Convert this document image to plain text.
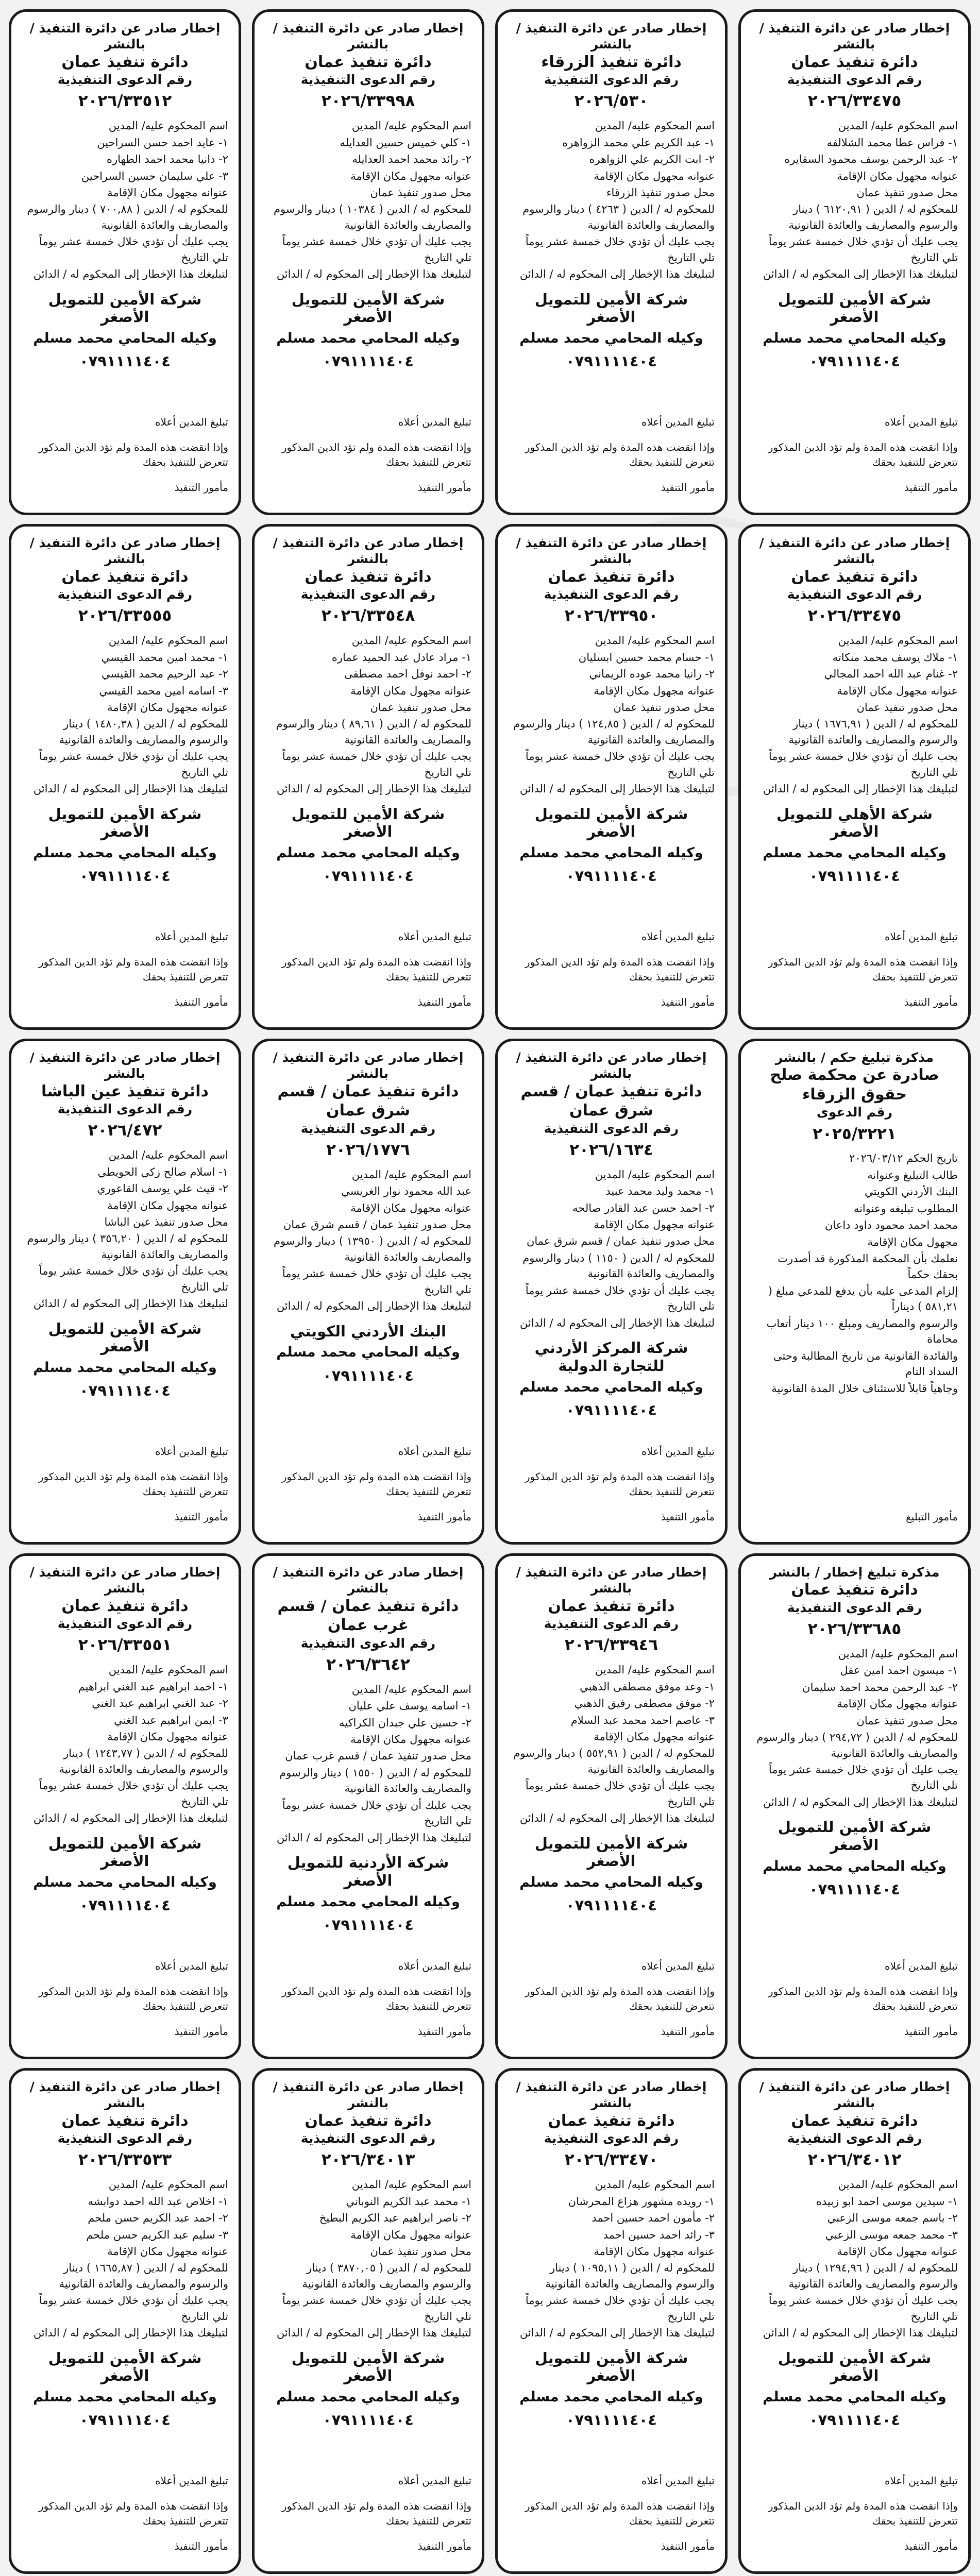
إخطار صادر عن دائرة التنفيذ / بالنشر
دائرة تنفيذ عمان
رقم الدعوى التنفيذية
٢٠٢٦/٣٣٤٧٥

اسم المحكوم عليه/ المدين

١- فراس عطا محمد الشلالفه

٢- عبد الرحمن يوسف محمود السقايره

عنوانه مجهول مكان الإقامة

محل صدور تنفيذ عمان

للمحكوم له / الدين ( ٦١٢٠,٩١ ) دينار والرسوم والمصاريف والعائدة القانونية

يجب عليك أن تؤدي خلال خمسة عشر يوماً تلي التاريخ

لتبليغك هذا الإخطار إلى المحكوم له / الدائن

شركة الأمين للتمويل الأصغر
وكيله المحامي محمد مسلم
٠٧٩١١١١٤٠٤

تبليغ المدين أعلاه

وإذا انقضت هذه المدة ولم تؤد الدين المذكور تتعرض للتنفيذ بحقك

مأمور التنفيذ

إخطار صادر عن دائرة التنفيذ / بالنشر
دائرة تنفيذ الزرقاء
رقم الدعوى التنفيذية
٢٠٢٦/٥٣٠

اسم المحكوم عليه/ المدين

١- عبد الكريم علي محمد الزواهره

٢- ابت الكريم علي الزواهره

عنوانه مجهول مكان الإقامة

محل صدور تنفيذ الزرقاء

للمحكوم له / الدين ( ٤٢٦٣ ) دينار والرسوم والمصاريف والعائدة القانونية

يجب عليك أن تؤدي خلال خمسة عشر يوماً تلي التاريخ

لتبليغك هذا الإخطار إلى المحكوم له / الدائن

شركة الأمين للتمويل الأصغر
وكيله المحامي محمد مسلم
٠٧٩١١١١٤٠٤

تبليغ المدين أعلاه

وإذا انقضت هذه المدة ولم تؤد الدين المذكور تتعرض للتنفيذ بحقك

مأمور التنفيذ

إخطار صادر عن دائرة التنفيذ / بالنشر
دائرة تنفيذ عمان
رقم الدعوى التنفيذية
٢٠٢٦/٣٣٩٩٨

اسم المحكوم عليه/ المدين

١- كلي خميس حسين العدايله

٢- رائد محمد احمد العدايله

عنوانه مجهول مكان الإقامة

محل صدور تنفيذ عمان

للمحكوم له / الدين ( ١٠٣٨٤ ) دينار والرسوم والمصاريف والعائدة القانونية

يجب عليك أن تؤدي خلال خمسة عشر يوماً تلي التاريخ

لتبليغك هذا الإخطار إلى المحكوم له / الدائن

شركة الأمين للتمويل الأصغر
وكيله المحامي محمد مسلم
٠٧٩١١١١٤٠٤

تبليغ المدين أعلاه

وإذا انقضت هذه المدة ولم تؤد الدين المذكور تتعرض للتنفيذ بحقك

مأمور التنفيذ

إخطار صادر عن دائرة التنفيذ / بالنشر
دائرة تنفيذ عمان
رقم الدعوى التنفيذية
٢٠٢٦/٣٣٥١٢

اسم المحكوم عليه/ المدين

١- عايد احمد حسن السراحين

٢- دانيا محمد احمد الطهاره

٣- علي سليمان حسين السراحين

عنوانه مجهول مكان الإقامة

للمحكوم له / الدين ( ٧٠٠,٨٨ ) دينار والرسوم والمصاريف والعائدة القانونية

يجب عليك أن تؤدي خلال خمسة عشر يوماً تلي التاريخ

لتبليغك هذا الإخطار إلى المحكوم له / الدائن

شركة الأمين للتمويل الأصغر
وكيله المحامي محمد مسلم
٠٧٩١١١١٤٠٤

تبليغ المدين أعلاه

وإذا انقضت هذه المدة ولم تؤد الدين المذكور تتعرض للتنفيذ بحقك

مأمور التنفيذ

إخطار صادر عن دائرة التنفيذ / بالنشر
دائرة تنفيذ عمان
رقم الدعوى التنفيذية
٢٠٢٦/٣٣٤٧٥

اسم المحكوم عليه/ المدين

١- ملاك يوسف محمد منكاته

٢- غنام عبد الله احمد المجالي

عنوانه مجهول مكان الإقامة

محل صدور تنفيذ عمان

للمحكوم له / الدين ( ١٦٧٦,٩١ ) دينار والرسوم والمصاريف والعائدة القانونية

يجب عليك أن تؤدي خلال خمسة عشر يوماً تلي التاريخ

لتبليغك هذا الإخطار إلى المحكوم له / الدائن

شركة الأهلي للتمويل الأصغر
وكيله المحامي محمد مسلم
٠٧٩١١١١٤٠٤

تبليغ المدين أعلاه

وإذا انقضت هذه المدة ولم تؤد الدين المذكور تتعرض للتنفيذ بحقك

مأمور التنفيذ

إخطار صادر عن دائرة التنفيذ / بالنشر
دائرة تنفيذ عمان
رقم الدعوى التنفيذية
٢٠٢٦/٣٣٩٥٠

اسم المحكوم عليه/ المدين

١- حسام محمد حسين ابسليان

٢- رانيا محمد عوده الريماني

عنوانه مجهول مكان الإقامة

محل صدور تنفيذ عمان

للمحكوم له / الدين ( ١٢٤,٨٥ ) دينار والرسوم والمصاريف والعائدة القانونية

يجب عليك أن تؤدي خلال خمسة عشر يوماً تلي التاريخ

لتبليغك هذا الإخطار إلى المحكوم له / الدائن

شركة الأمين للتمويل الأصغر
وكيله المحامي محمد مسلم
٠٧٩١١١١٤٠٤

تبليغ المدين أعلاه

وإذا انقضت هذه المدة ولم تؤد الدين المذكور تتعرض للتنفيذ بحقك

مأمور التنفيذ

إخطار صادر عن دائرة التنفيذ / بالنشر
دائرة تنفيذ عمان
رقم الدعوى التنفيذية
٢٠٢٦/٣٣٥٤٨

اسم المحكوم عليه/ المدين

١- مراد عادل عبد الحميد عماره

٢- احمد نوفل احمد مصطفى

عنوانه مجهول مكان الإقامة

محل صدور تنفيذ عمان

للمحكوم له / الدين ( ٨٩,٦١ ) دينار والرسوم والمصاريف والعائدة القانونية

يجب عليك أن تؤدي خلال خمسة عشر يوماً تلي التاريخ

لتبليغك هذا الإخطار إلى المحكوم له / الدائن

شركة الأمين للتمويل الأصغر
وكيله المحامي محمد مسلم
٠٧٩١١١١٤٠٤

تبليغ المدين أعلاه

وإذا انقضت هذه المدة ولم تؤد الدين المذكور تتعرض للتنفيذ بحقك

مأمور التنفيذ

إخطار صادر عن دائرة التنفيذ / بالنشر
دائرة تنفيذ عمان
رقم الدعوى التنفيذية
٢٠٢٦/٣٣٥٥٥

اسم المحكوم عليه/ المدين

١- محمد امين محمد القيسي

٢- عبد الرحيم محمد القيسي

٣- اسامه امين محمد القيسي

عنوانه مجهول مكان الإقامة

للمحكوم له / الدين ( ١٤٨٠,٣٨ ) دينار والرسوم والمصاريف والعائدة القانونية

يجب عليك أن تؤدي خلال خمسة عشر يوماً تلي التاريخ

لتبليغك هذا الإخطار إلى المحكوم له / الدائن

شركة الأمين للتمويل الأصغر
وكيله المحامي محمد مسلم
٠٧٩١١١١٤٠٤

تبليغ المدين أعلاه

وإذا انقضت هذه المدة ولم تؤد الدين المذكور تتعرض للتنفيذ بحقك

مأمور التنفيذ

مذكرة تبليغ حكم / بالنشر
صادرة عن محكمة صلح حقوق الزرقاء
رقم الدعوى
٢٠٢٥/٣٢٢١

تاريخ الحكم ٢٠٢٦/٠٣/١٢

طالب التبليغ وعنوانه

البنك الأردني الكويتي

المطلوب تبليغه وعنوانه

محمد احمد محمود داود داعان

مجهول مكان الإقامة

نعلمك بأن المحكمة المذكورة قد أصدرت بحقك حكماً

إلزام المدعى عليه بأن يدفع للمدعي مبلغ ( ٥٨١,٢١ ) ديناراً

والرسوم والمصاريف ومبلغ ١٠٠ دينار أتعاب محاماة

والفائدة القانونية من تاريخ المطالبة وحتى السداد التام

وجاهياً قابلاً للاستئناف خلال المدة القانونية

مأمور التبليغ

إخطار صادر عن دائرة التنفيذ / بالنشر
دائرة تنفيذ عمان / قسم شرق عمان
رقم الدعوى التنفيذية
٢٠٢٦/١٦٣٤

اسم المحكوم عليه/ المدين

١- محمد وليد محمد عبيد

٢- احمد حسن عبد القادر صالحه

عنوانه مجهول مكان الإقامة

محل صدور تنفيذ عمان / قسم شرق عمان

للمحكوم له / الدين ( ١١٥٠ ) دينار والرسوم والمصاريف والعائدة القانونية

يجب عليك أن تؤدي خلال خمسة عشر يوماً تلي التاريخ

لتبليغك هذا الإخطار إلى المحكوم له / الدائن

شركة المركز الأردني للتجارة الدولية
وكيله المحامي محمد مسلم
٠٧٩١١١١٤٠٤

تبليغ المدين أعلاه

وإذا انقضت هذه المدة ولم تؤد الدين المذكور تتعرض للتنفيذ بحقك

مأمور التنفيذ

إخطار صادر عن دائرة التنفيذ / بالنشر
دائرة تنفيذ عمان / قسم شرق عمان
رقم الدعوى التنفيذية
٢٠٢٦/١٧٧٦

اسم المحكوم عليه/ المدين

عبد الله محمود نوار الغريسي

عنوانه مجهول مكان الإقامة

محل صدور تنفيذ عمان / قسم شرق عمان

للمحكوم له / الدين ( ١٣٩٥٠ ) دينار والرسوم والمصاريف والعائدة القانونية

يجب عليك أن تؤدي خلال خمسة عشر يوماً تلي التاريخ

لتبليغك هذا الإخطار إلى المحكوم له / الدائن

البنك الأردني الكويتي
وكيله المحامي محمد مسلم
٠٧٩١١١١٤٠٤

تبليغ المدين أعلاه

وإذا انقضت هذه المدة ولم تؤد الدين المذكور تتعرض للتنفيذ بحقك

مأمور التنفيذ

إخطار صادر عن دائرة التنفيذ / بالنشر
دائرة تنفيذ عين الباشا
رقم الدعوى التنفيذية
٢٠٢٦/٤٧٢

اسم المحكوم عليه/ المدين

١- اسلام صالح زكي الحويطي

٢- قيث علي يوسف القاعوري

عنوانه مجهول مكان الإقامة

محل صدور تنفيذ عين الباشا

للمحكوم له / الدين ( ٣٥٦,٢٠ ) دينار والرسوم والمصاريف والعائدة القانونية

يجب عليك أن تؤدي خلال خمسة عشر يوماً تلي التاريخ

لتبليغك هذا الإخطار إلى المحكوم له / الدائن

شركة الأمين للتمويل الأصغر
وكيله المحامي محمد مسلم
٠٧٩١١١١٤٠٤

تبليغ المدين أعلاه

وإذا انقضت هذه المدة ولم تؤد الدين المذكور تتعرض للتنفيذ بحقك

مأمور التنفيذ

مذكرة تبليغ إخطار / بالنشر
دائرة تنفيذ عمان
رقم الدعوى التنفيذية
٢٠٢٦/٣٣٦٨٥

اسم المحكوم عليه/ المدين

١- ميسون احمد امين عقل

٢- عبد الرحمن محمد احمد سليمان

عنوانه مجهول مكان الإقامة

محل صدور تنفيذ عمان

للمحكوم له / الدين ( ٢٩٤,٧٢ ) دينار والرسوم والمصاريف والعائدة القانونية

يجب عليك أن تؤدي خلال خمسة عشر يوماً تلي التاريخ

لتبليغك هذا الإخطار إلى المحكوم له / الدائن

شركة الأمين للتمويل الأصغر
وكيله المحامي محمد مسلم
٠٧٩١١١١٤٠٤

تبليغ المدين أعلاه

وإذا انقضت هذه المدة ولم تؤد الدين المذكور تتعرض للتنفيذ بحقك

مأمور التنفيذ

إخطار صادر عن دائرة التنفيذ / بالنشر
دائرة تنفيذ عمان
رقم الدعوى التنفيذية
٢٠٢٦/٣٣٩٤٦

اسم المحكوم عليه/ المدين

١- وعد موفق مصطفى الذهبي

٢- موفق مصطفى رفيق الذهبي

٣- عاصم احمد محمد عبد السلام

عنوانه مجهول مكان الإقامة

للمحكوم له / الدين ( ٥٥٢,٩١ ) دينار والرسوم والمصاريف والعائدة القانونية

يجب عليك أن تؤدي خلال خمسة عشر يوماً تلي التاريخ

لتبليغك هذا الإخطار إلى المحكوم له / الدائن

شركة الأمين للتمويل الأصغر
وكيله المحامي محمد مسلم
٠٧٩١١١١٤٠٤

تبليغ المدين أعلاه

وإذا انقضت هذه المدة ولم تؤد الدين المذكور تتعرض للتنفيذ بحقك

مأمور التنفيذ

إخطار صادر عن دائرة التنفيذ / بالنشر
دائرة تنفيذ عمان / قسم غرب عمان
رقم الدعوى التنفيذية
٢٠٢٦/٣٦٤٢

اسم المحكوم عليه/ المدين

١- اسامه يوسف علي عليان

٢- حسين علي جبدان الكراكيه

عنوانه مجهول مكان الإقامة

محل صدور تنفيذ عمان / قسم غرب عمان

للمحكوم له / الدين ( ١٥٥٠ ) دينار والرسوم والمصاريف والعائدة القانونية

يجب عليك أن تؤدي خلال خمسة عشر يوماً تلي التاريخ

لتبليغك هذا الإخطار إلى المحكوم له / الدائن

شركة الأردنية للتمويل الأصغر
وكيله المحامي محمد مسلم
٠٧٩١١١١٤٠٤

تبليغ المدين أعلاه

وإذا انقضت هذه المدة ولم تؤد الدين المذكور تتعرض للتنفيذ بحقك

مأمور التنفيذ

إخطار صادر عن دائرة التنفيذ / بالنشر
دائرة تنفيذ عمان
رقم الدعوى التنفيذية
٢٠٢٦/٣٣٥٥١

اسم المحكوم عليه/ المدين

١- احمد ابراهيم عبد الغني ابراهيم

٢- عبد الغني ابراهيم عبد الغني

٣- ايمن ابراهيم عبد الغني

عنوانه مجهول مكان الإقامة

للمحكوم له / الدين ( ١٢٤٣,٧٧ ) دينار والرسوم والمصاريف والعائدة القانونية

يجب عليك أن تؤدي خلال خمسة عشر يوماً تلي التاريخ

لتبليغك هذا الإخطار إلى المحكوم له / الدائن

شركة الأمين للتمويل الأصغر
وكيله المحامي محمد مسلم
٠٧٩١١١١٤٠٤

تبليغ المدين أعلاه

وإذا انقضت هذه المدة ولم تؤد الدين المذكور تتعرض للتنفيذ بحقك

مأمور التنفيذ

إخطار صادر عن دائرة التنفيذ / بالنشر
دائرة تنفيذ عمان
رقم الدعوى التنفيذية
٢٠٢٦/٣٤٠١٢

اسم المحكوم عليه/ المدين

١- سيدين موسى احمد ابو زبيده

٢- باسم جمعه موسى الزعبي

٣- محمد جمعه موسى الزعبي

عنوانه مجهول مكان الإقامة

للمحكوم له / الدين ( ١٢٩٤,٩٦ ) دينار والرسوم والمصاريف والعائدة القانونية

يجب عليك أن تؤدي خلال خمسة عشر يوماً تلي التاريخ

لتبليغك هذا الإخطار إلى المحكوم له / الدائن

شركة الأمين للتمويل الأصغر
وكيله المحامي محمد مسلم
٠٧٩١١١١٤٠٤

تبليغ المدين أعلاه

وإذا انقضت هذه المدة ولم تؤد الدين المذكور تتعرض للتنفيذ بحقك

مأمور التنفيذ

إخطار صادر عن دائرة التنفيذ / بالنشر
دائرة تنفيذ عمان
رقم الدعوى التنفيذية
٢٠٢٦/٣٣٤٧٠

اسم المحكوم عليه/ المدين

١- رويده مشهور هزاع المحرشان

٢- مأمون احمد حسين احمد

٣- رائد احمد حسين احمد

عنوانه مجهول مكان الإقامة

للمحكوم له / الدين ( ١٠٩٥,١١ ) دينار والرسوم والمصاريف والعائدة القانونية

يجب عليك أن تؤدي خلال خمسة عشر يوماً تلي التاريخ

لتبليغك هذا الإخطار إلى المحكوم له / الدائن

شركة الأمين للتمويل الأصغر
وكيله المحامي محمد مسلم
٠٧٩١١١١٤٠٤

تبليغ المدين أعلاه

وإذا انقضت هذه المدة ولم تؤد الدين المذكور تتعرض للتنفيذ بحقك

مأمور التنفيذ

إخطار صادر عن دائرة التنفيذ / بالنشر
دائرة تنفيذ عمان
رقم الدعوى التنفيذية
٢٠٢٦/٣٤٠١٣

اسم المحكوم عليه/ المدين

١- محمد عبد الكريم النوباني

٢- ناصر ابراهيم عبد الكريم البطيخ

عنوانه مجهول مكان الإقامة

محل صدور تنفيذ عمان

للمحكوم له / الدين ( ٣٨٧٠,٠٥ ) دينار والرسوم والمصاريف والعائدة القانونية

يجب عليك أن تؤدي خلال خمسة عشر يوماً تلي التاريخ

لتبليغك هذا الإخطار إلى المحكوم له / الدائن

شركة الأمين للتمويل الأصغر
وكيله المحامي محمد مسلم
٠٧٩١١١١٤٠٤

تبليغ المدين أعلاه

وإذا انقضت هذه المدة ولم تؤد الدين المذكور تتعرض للتنفيذ بحقك

مأمور التنفيذ

إخطار صادر عن دائرة التنفيذ / بالنشر
دائرة تنفيذ عمان
رقم الدعوى التنفيذية
٢٠٢٦/٣٣٥٣٣

اسم المحكوم عليه/ المدين

١- اخلاص عبد الله احمد دوابشه

٢- احمد عبد الكريم حسن ملحم

٣- سليم عبد الكريم حسن ملحم

عنوانه مجهول مكان الإقامة

للمحكوم له / الدين ( ١٦٦٥,٨٧ ) دينار والرسوم والمصاريف والعائدة القانونية

يجب عليك أن تؤدي خلال خمسة عشر يوماً تلي التاريخ

لتبليغك هذا الإخطار إلى المحكوم له / الدائن

شركة الأمين للتمويل الأصغر
وكيله المحامي محمد مسلم
٠٧٩١١١١٤٠٤

تبليغ المدين أعلاه

وإذا انقضت هذه المدة ولم تؤد الدين المذكور تتعرض للتنفيذ بحقك

مأمور التنفيذ
